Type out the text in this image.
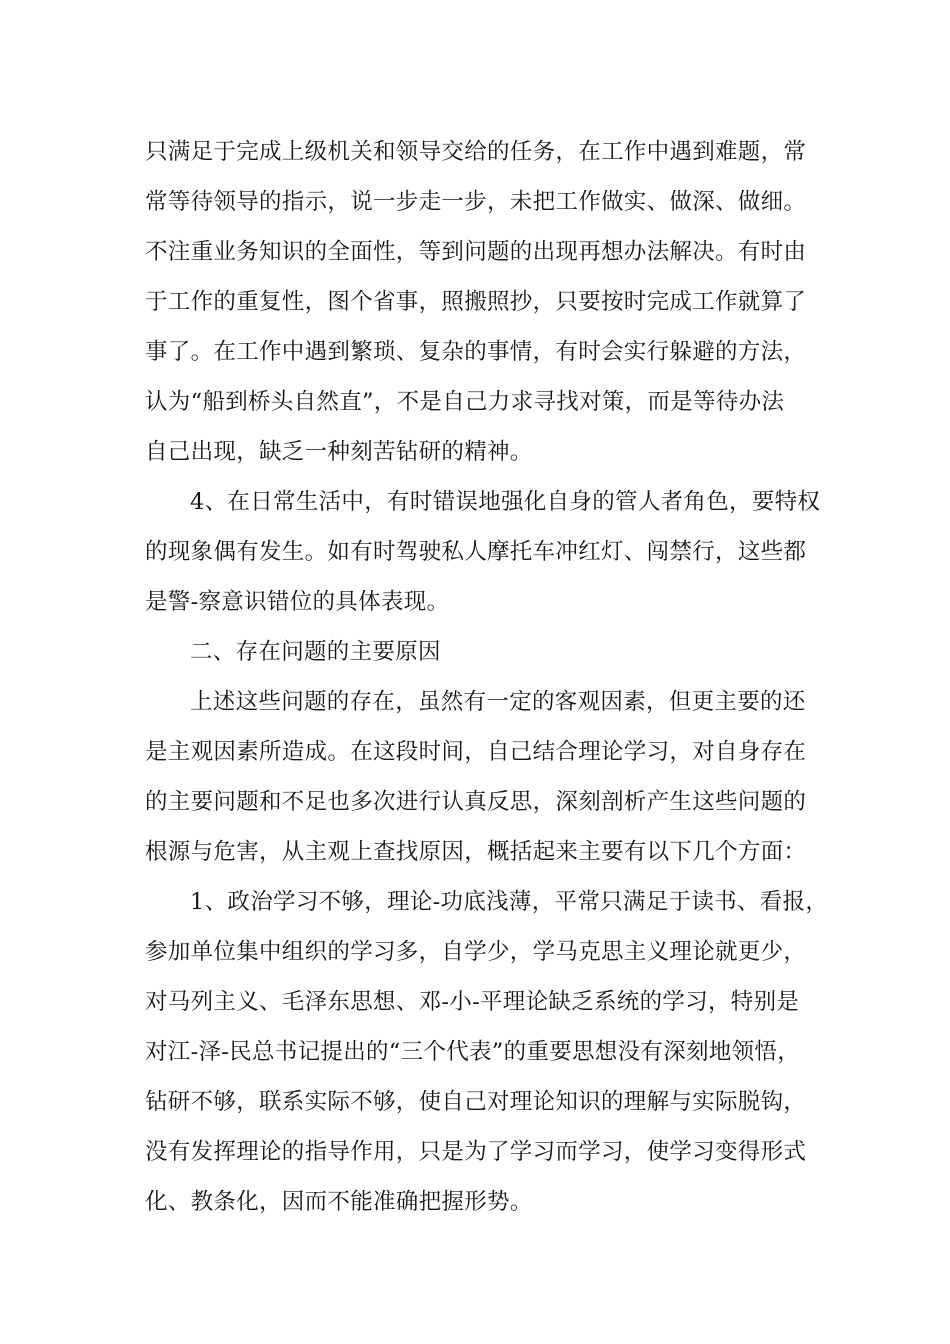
只满足于完成上级机关和领导交给的任务，在工作中遇到难题，常
常等待领导的指示，说一步走一步，未把工作做实、做深、做细。
不注重业务知识的全面性，等到问题的出现再想办法解决。有时由
于工作的重复性，图个省事，照搬照抄，只要按时完成工作就算了
事了。在工作中遇到繁琐、复杂的事情，有时会实行躲避的方法，
认为“船到桥头自然直”，不是自己力求寻找对策，而是等待办法
自己出现，缺乏一种刻苦钻研的精神。
4、在日常生活中，有时错误地强化自身的管人者角色，要特权
的现象偶有发生。如有时驾驶私人摩托车冲红灯、闯禁行，这些都
是警-察意识错位的具体表现。
二、存在问题的主要原因
上述这些问题的存在，虽然有一定的客观因素，但更主要的还
是主观因素所造成。在这段时间，自己结合理论学习，对自身存在
的主要问题和不足也多次进行认真反思，深刻剖析产生这些问题的
根源与危害，从主观上查找原因，概括起来主要有以下几个方面：
1、政治学习不够，理论-功底浅薄，平常只满足于读书、看报，
参加单位集中组织的学习多，自学少，学马克思主义理论就更少，
对马列主义、毛泽东思想、邓-小-平理论缺乏系统的学习，特别是
对江-泽-民总书记提出的“三个代表”的重要思想没有深刻地领悟，
钻研不够，联系实际不够，使自己对理论知识的理解与实际脱钩，
没有发挥理论的指导作用，只是为了学习而学习，使学习变得形式
化、教条化，因而不能准确把握形势。
